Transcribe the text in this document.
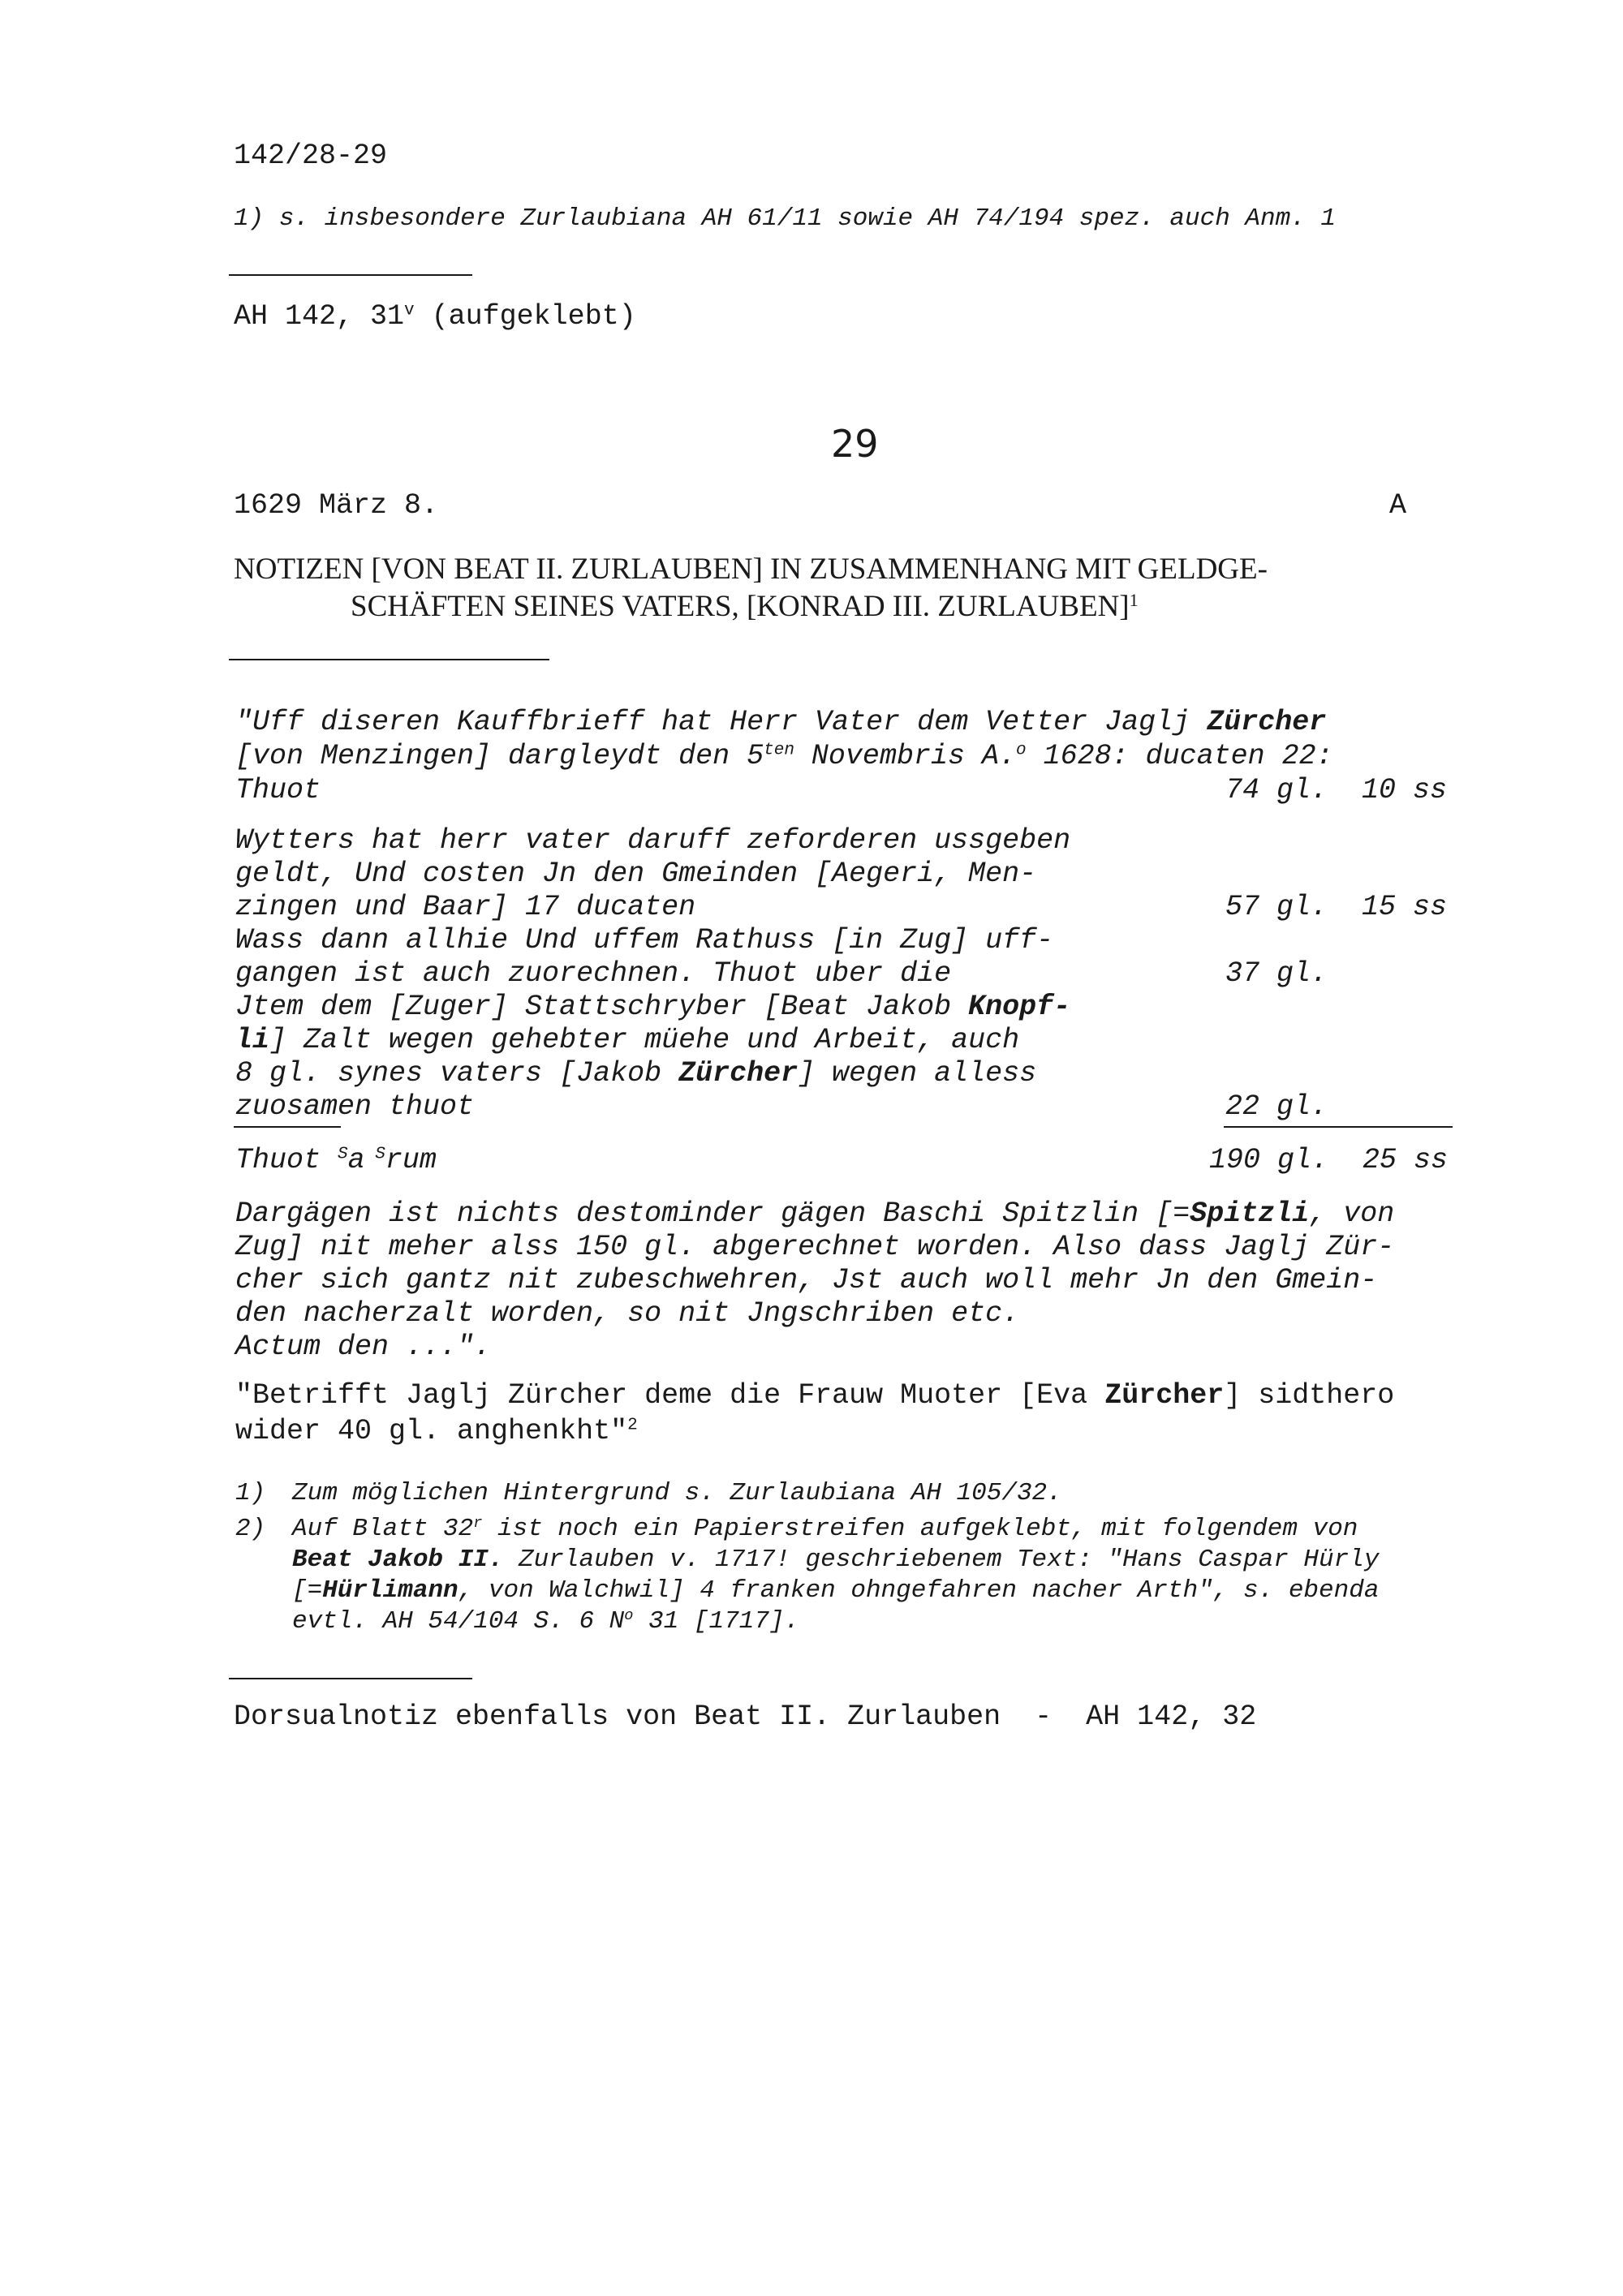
142/28-29
1) s. insbesondere Zurlaubiana AH 61/11 sowie AH 74/194 spez. auch Anm. 1
AH 142, 31$^v$ (aufgeklebt)
29
1629 März 8.	A
NOTIZEN [VON BEAT II. ZURLAUBEN] IN ZUSAMMENHANG MIT GELDGE-
SCHÄFTEN SEINES VATERS, [KONRAD III. ZURLAUBEN]$^1$
"Uff diseren Kauffbrieff hat Herr Vater dem Vetter Jaglj Zürcher
[von Menzingen] dargleydt den $5^{ten}$ Novembris A.$^o$ 1628: ducaten 22:
Thuot	74 gl.  10 ss
Wytters hat herr vater daruff zeforderen ussgeben
geldt, Und costen Jn den Gmeinden [Aegeri, Men-
zingen und Baar] 17 ducaten	57 gl.  15 ss
Wass dann allhie Und uffem Rathuss [in Zug] uff-
gangen ist auch zuorechnen. Thuot uber die	37 gl.
Jtem dem [Zuger] Stattschryber [Beat Jakob Knopf-
li] Zalt wegen gehebter müehe und Arbeit, auch
8 gl. synes vaters [Jakob Zürcher] wegen alless
zuosamen thuot	22 gl.
Thuot $^S$a $^S$rum	190 gl.  25 ss
Dargägen ist nichts destominder gägen Baschi Spitzlin [=Spitzli, von
Zug] nit meher alss 150 gl. abgerechnet worden. Also dass Jaglj Zür-
cher sich gantz nit zubeschwehren, Jst auch woll mehr Jn den Gmein-
den nacherzalt worden, so nit Jngschriben etc.
Actum den ...".
"Betrifft Jaglj Zürcher deme die Frauw Muoter [Eva Zürcher] sidthero
wider 40 gl. anghenkht"$^2$
1) Zum möglichen Hintergrund s. Zurlaubiana AH 105/32.
2) Auf Blatt 32$^r$ ist noch ein Papierstreifen aufgeklebt, mit folgendem von
Beat Jakob II. Zurlauben v. 1717! geschriebenem Text: "Hans Caspar Hürly
[=Hürlimann, von Walchwil] 4 franken ohngefahren nacher Arth", s. ebenda
evtl. AH 54/104 S. 6 $N^o$ 31 [1717].
Dorsualnotiz ebenfalls von Beat II. Zurlauben  -  AH 142, 32
